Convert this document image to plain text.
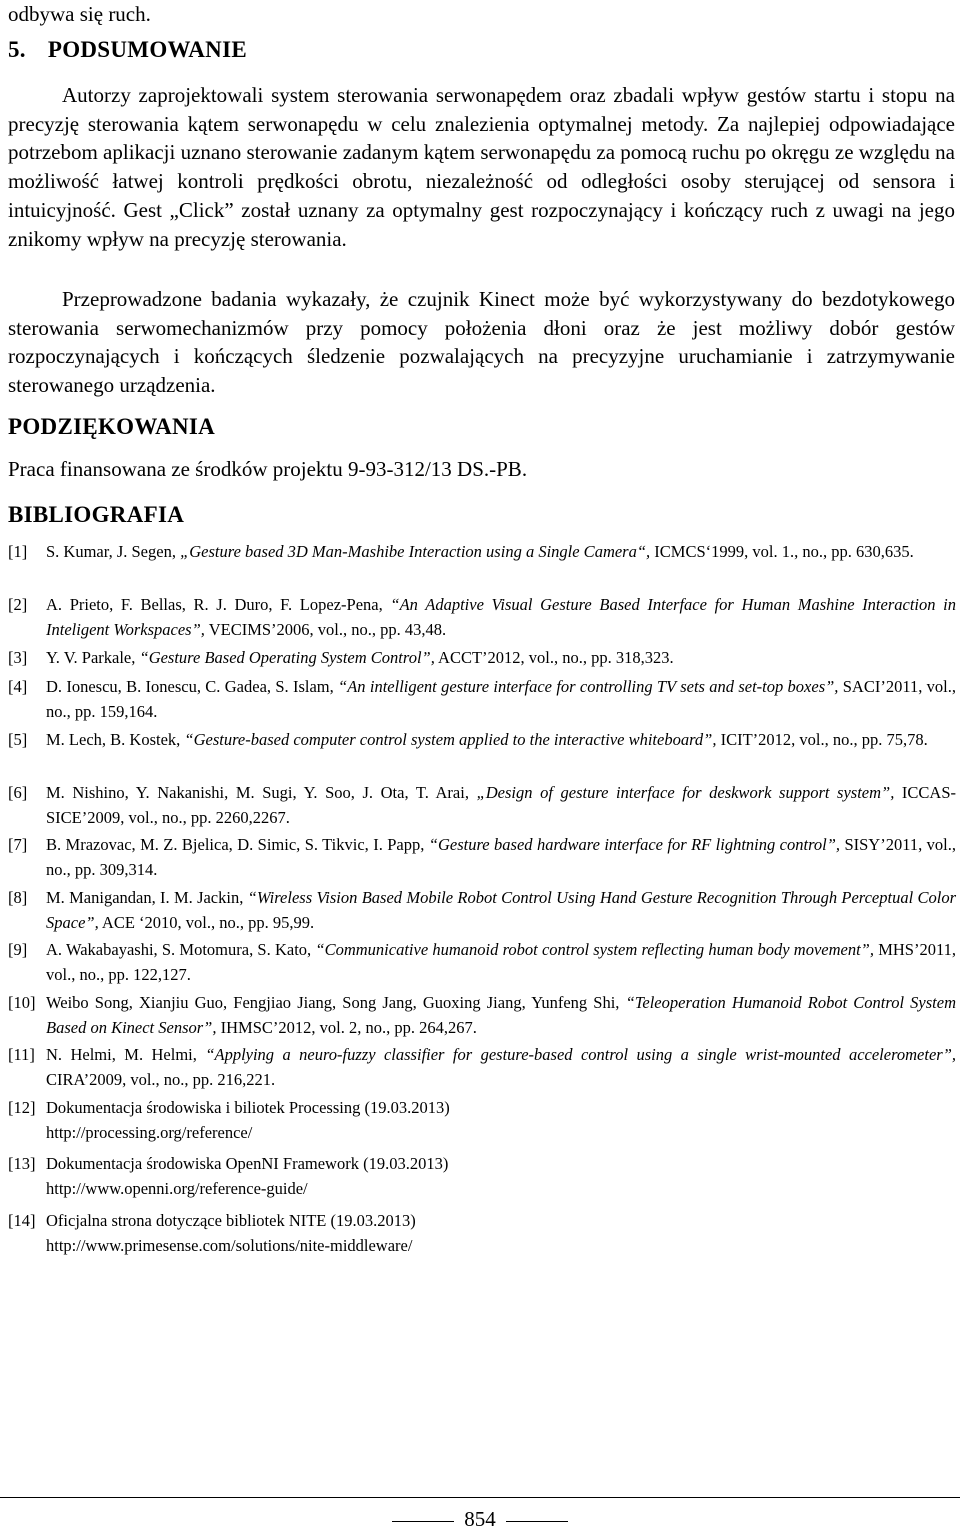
odbywa się ruch.
5. PODSUMOWANIE

Autorzy zaprojektowali system sterowania serwonapędem oraz zbadali wpływ gestów startu i stopu na precyzję sterowania kątem serwonapędu w celu znalezienia optymalnej metody. Za najlepiej odpowiadające potrzebom aplikacji uznano sterowanie zadanym kątem serwonapędu za pomocą ruchu po okręgu ze względu na możliwość łatwej kontroli prędkości obrotu, niezależność od odległości osoby sterującej od sensora i intuicyjność. Gest „Click” został uznany za optymalny gest rozpoczynający i kończący ruch z uwagi na jego znikomy wpływ na precyzję sterowania.

Przeprowadzone badania wykazały, że czujnik Kinect może być wykorzystywany do bezdotykowego sterowania serwomechanizmów przy pomocy położenia dłoni oraz że jest możliwy dobór gestów rozpoczynających i kończących śledzenie pozwalających na precyzyjne uruchamianie i zatrzymywanie sterowanego urządzenia.

PODZIĘKOWANIA
Praca finansowana ze środków projektu 9-93-312/13 DS.-PB.
BIBLIOGRAFIA
[1] S. Kumar, J. Segen, „Gesture based 3D Man-Mashibe Interaction using a Single Camera“, ICMCS‘1999, vol. 1., no., pp. 630,635.
[2] A. Prieto, F. Bellas, R. J. Duro, F. Lopez-Pena, “An Adaptive Visual Gesture Based Interface for Human Mashine Interaction in Inteligent Workspaces”, VECIMS’2006, vol., no., pp. 43,48.
[3] Y. V. Parkale, “Gesture Based Operating System Control”, ACCT’2012, vol., no., pp. 318,323.
[4] D. Ionescu, B. Ionescu, C. Gadea, S. Islam, “An intelligent gesture interface for controlling TV sets and set-top boxes”, SACI’2011, vol., no., pp. 159,164.
[5] M. Lech, B. Kostek, “Gesture-based computer control system applied to the interactive whiteboard”, ICIT’2012, vol., no., pp. 75,78.
[6] M. Nishino, Y. Nakanishi, M. Sugi, Y. Soo, J. Ota, T. Arai, „Design of gesture interface for deskwork support system”, ICCAS-SICE’2009, vol., no., pp. 2260,2267.
[7] B. Mrazovac, M. Z. Bjelica, D. Simic, S. Tikvic, I. Papp, “Gesture based hardware interface for RF lightning control”, SISY’2011, vol., no., pp. 309,314.
[8] M. Manigandan, I. M. Jackin, “Wireless Vision Based Mobile Robot Control Using Hand Gesture Recognition Through Perceptual Color Space”, ACE ‘2010, vol., no., pp. 95,99.
[9] A. Wakabayashi, S. Motomura, S. Kato, “Communicative humanoid robot control system reflecting human body movement”, MHS’2011, vol., no., pp. 122,127.
[10] Weibo Song, Xianjiu Guo, Fengjiao Jiang, Song Jang, Guoxing Jiang, Yunfeng Shi, “Teleoperation Humanoid Robot Control System Based on Kinect Sensor”, IHMSC’2012, vol. 2, no., pp. 264,267.
[11] N. Helmi, M. Helmi, “Applying a neuro-fuzzy classifier for gesture-based control using a single wrist-mounted accelerometer”, CIRA’2009, vol., no., pp. 216,221.
[12] Dokumentacja środowiska i biliotek Processing (19.03.2013)
http://processing.org/reference/
[13] Dokumentacja środowiska OpenNI Framework (19.03.2013)
http://www.openni.org/reference-guide/
[14] Oficjalna strona dotyczące bibliotek NITE (19.03.2013)
http://www.primesense.com/solutions/nite-middleware/
854
